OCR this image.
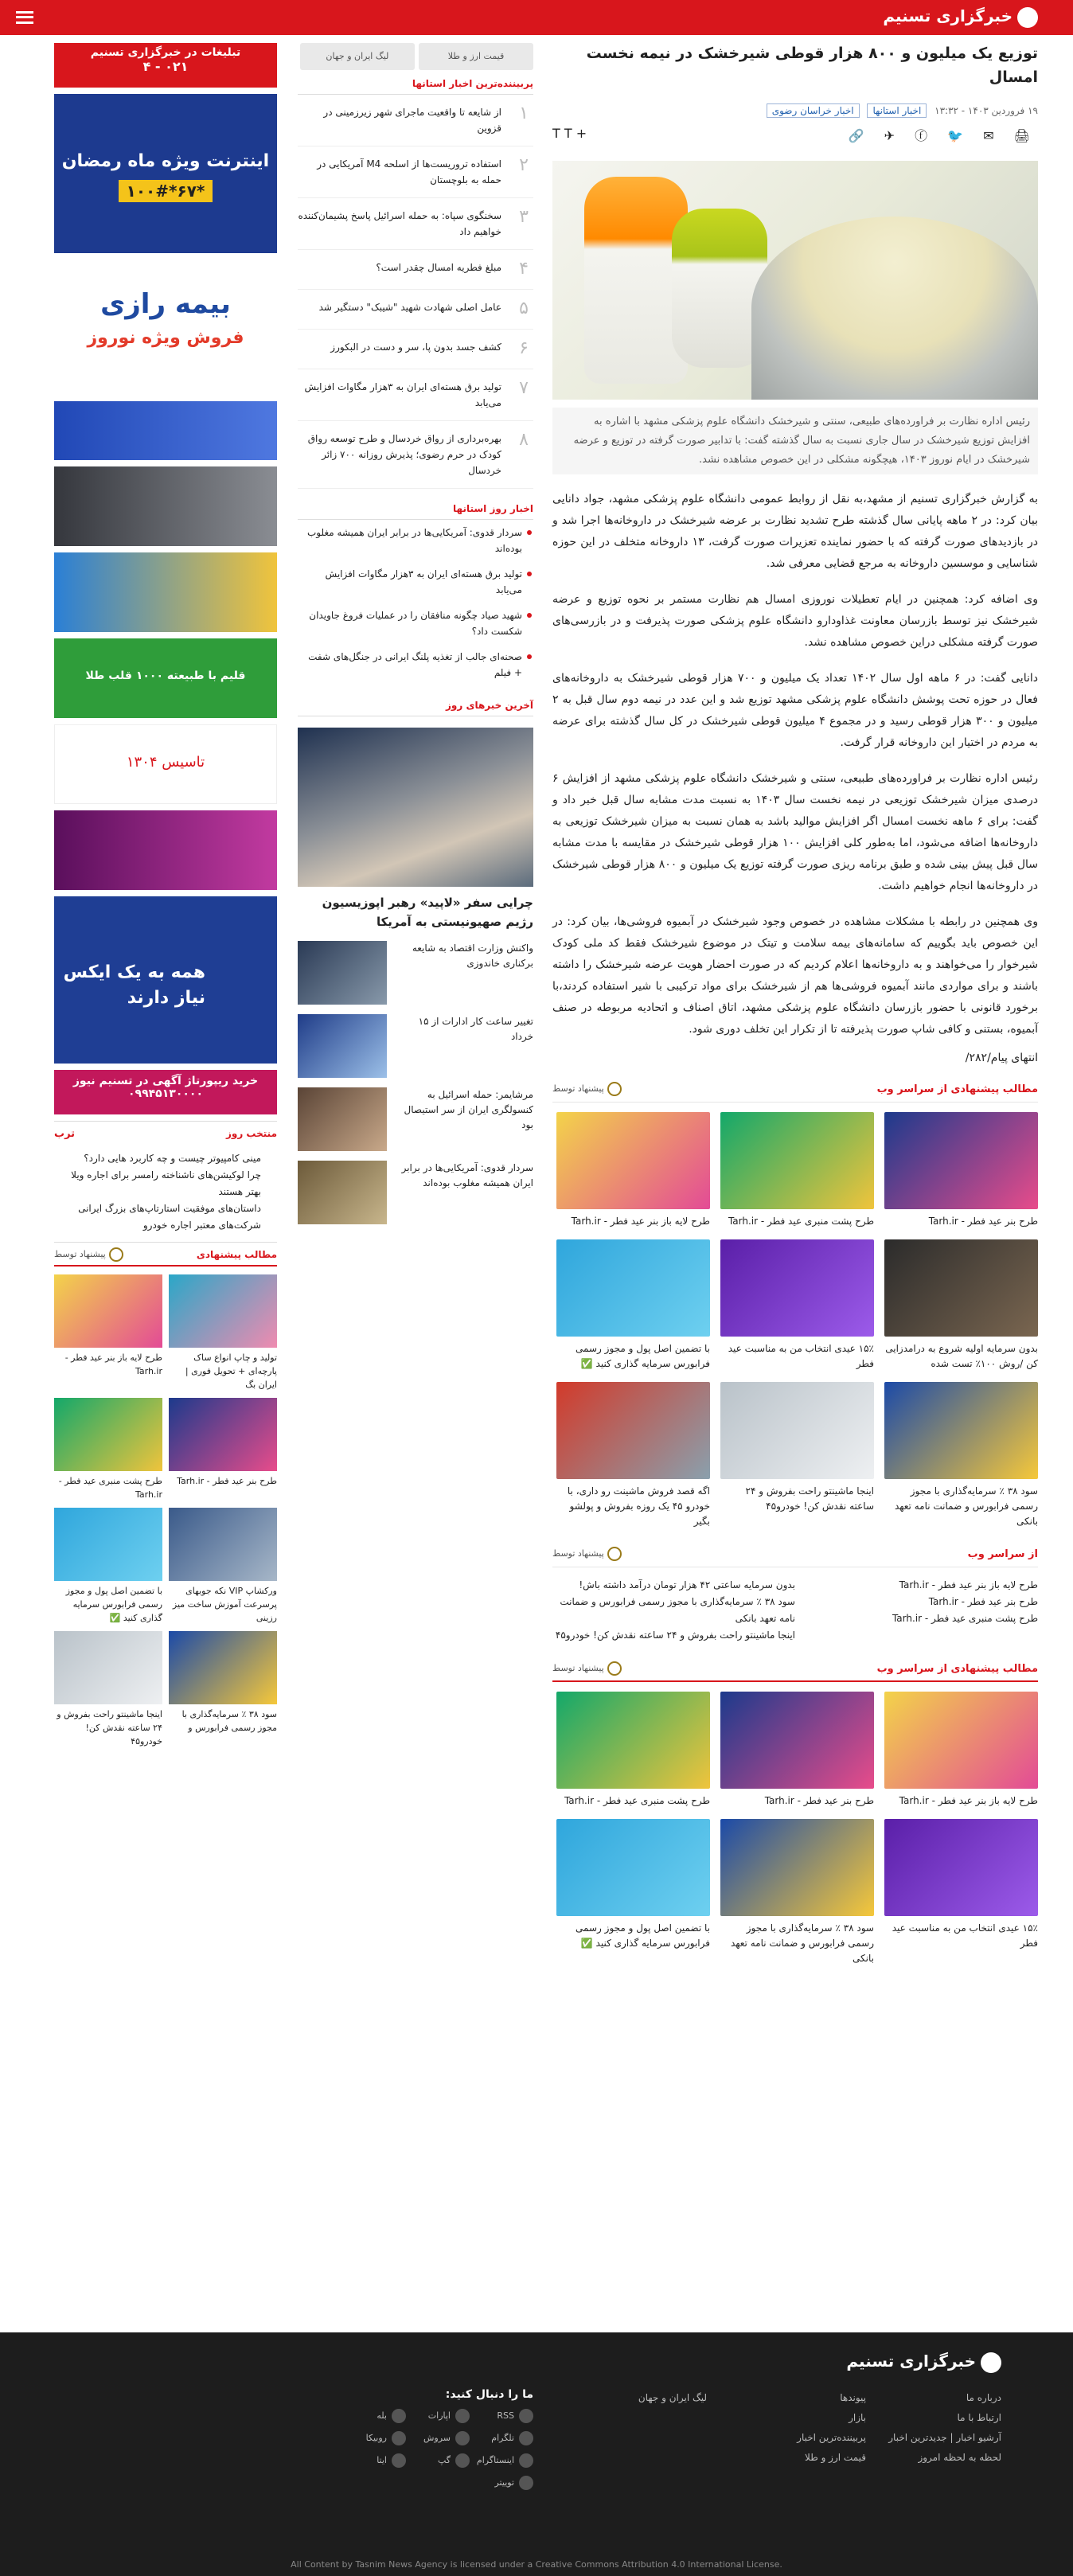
خبرگزاری تسنیم
توزیع یک میلیون و ۸۰۰ هزار قوطی شیرخشک در نیمه نخست امسال
۱۹ فروردین ۱۴۰۳ - ۱۳:۳۲ اخبار استانها اخبار خراسان رضوی
🖨 ✉ 🐦 ⓕ ✈ 🔗
+ T T

رئیس اداره نظارت بر فراورده‌های طبیعی، سنتی و شیرخشک دانشگاه علوم پزشکی مشهد با اشاره به افزایش توزیع شیرخشک در سال جاری نسبت به سال گذشته گفت: با تدابیر صورت گرفته در توزیع و عرضه شیرخشک در ایام نوروز ۱۴۰۳، هیچگونه مشکلی در این خصوص مشاهده نشد.

به گزارش خبرگزاری تسنیم از مشهد،به نقل از روابط عمومی دانشگاه علوم پزشکی مشهد، جواد دانایی بیان کرد: در ۲ ماهه پایانی سال گذشته طرح تشدید نظارت بر عرضه شیرخشک در داروخانه‌ها اجرا شد و در بازدیدهای صورت گرفته که با حضور نماینده تعزیرات صورت گرفت، ۱۳ داروخانه متخلف در این حوزه شناسایی و موسسین داروخانه به مرجع قضایی معرفی شد.

وی اضافه کرد: همچنین در ایام تعطیلات نوروزی امسال هم نظارت مستمر بر نحوه توزیع و عرضه شیرخشک نیز توسط بازرسان معاونت غذاودارو دانشگاه علوم پزشکی صورت پذیرفت و در بازرسی‌های صورت گرفته مشکلی دراین خصوص مشاهده نشد.

دانایی گفت: در ۶ ماهه اول سال ۱۴۰۲ تعداد یک میلیون و ۷۰۰ هزار قوطی شیرخشک به داروخانه‌های فعال در حوزه تحت پوشش دانشگاه علوم پزشکی مشهد توزیع شد و این عدد در نیمه دوم سال قبل به ۲ میلیون و ۳۰۰ هزار قوطی رسید و در مجموع ۴ میلیون قوطی شیرخشک در کل سال گذشته برای عرضه به مردم در اختیار این داروخانه قرار گرفت.

رئیس اداره نظارت بر فراورده‌های طبیعی، سنتی و شیرخشک دانشگاه علوم پزشکی مشهد از افزایش ۶ درصدی میزان شیرخشک توزیعی در نیمه نخست سال ۱۴۰۳ به نسبت مدت مشابه سال قبل خبر داد و گفت: برای ۶ ماهه نخست امسال اگر افزایش موالید باشد به همان نسبت به میزان شیرخشک توزیعی به داروخانه‌ها اضافه می‌شود، اما به‌طور کلی افزایش ۱۰۰ هزار قوطی شیرخشک در مقایسه با مدت مشابه سال قبل پیش بینی شده و طبق برنامه ریزی صورت گرفته توزیع یک میلیون و ۸۰۰ هزار قوطی شیرخشک در داروخانه‌ها انجام خواهیم داشت.

وی همچنین در رابطه با مشکلات مشاهده در خصوص وجود شیرخشک در آبمیوه فروشی‌ها، بیان کرد: در این خصوص باید بگوییم که سامانه‌های بیمه سلامت و تیتک در موضوع شیرخشک فقط کد ملی کودک شیرخوار را می‌خواهند و به داروخانه‌ها اعلام کردیم که در صورت احضار هویت عرضه شیرخشک را داشته باشند و برای مواردی مانند آبمیوه فروشی‌ها هم از شیرخشک برای مواد ترکیبی با شیر استفاده کردند،با برخورد قانونی با حضور بازرسان دانشگاه علوم پزشکی مشهد، اتاق اصناف و اتحادیه مربوطه در صنف آبمیوه، بستنی و کافی شاپ صورت پذیرفته تا از تکرار این تخلف دوری شود.

انتهای پیام/۲۸۲/

مطالب پیشنهادی از سراسر وب
پیشنهاد توسط
طرح بنر عید فطر - Tarh.ir
طرح پشت منبری عید فطر - Tarh.ir
طرح لایه باز بنر عید فطر - Tarh.ir
بدون سرمایه اولیه شروع به درامدزایی کن /روش ۱۰۰٪ تست شده
۱۵٪ عیدی انتخاب من به مناسبت عید فطر
با تضمین اصل پول و مجوز رسمی فرابورس سرمایه گذاری کنید ✅
سود ۳۸ ٪ سرمایه‌گذاری با مجوز رسمی فرابورس و ضمانت نامه تعهد بانکی
اینجا ماشینتو راحت بفروش و ۲۴ ساعته نقدش کن! خودرو۴۵
اگه قصد فروش ماشینت رو داری، با خودرو ۴۵ یک روزه بفروش و پولشو بگیر
از سراسر وب
پیشنهاد توسط
طرح لایه باز بنر عید فطر - Tarh.ir
طرح بنر عید فطر - Tarh.ir
طرح پشت منبری عید فطر - Tarh.ir
بدون سرمایه ساعتی ۴۲ هزار تومان درآمد داشته باش!
سود ۳۸ ٪ سرمایه‌گذاری با مجوز رسمی فرابورس و ضمانت نامه تعهد بانکی
اینجا ماشینتو راحت بفروش و ۲۴ ساعته نقدش کن! خودرو۴۵
مطالب پیشنهادی از سراسر وب
پیشنهاد توسط
طرح لایه باز بنر عید فطر - Tarh.ir
طرح بنر عید فطر - Tarh.ir
طرح پشت منبری عید فطر - Tarh.ir
۱۵٪ عیدی انتخاب من به مناسبت عید فطر
سود ۳۸ ٪ سرمایه‌گذاری با مجوز رسمی فرابورس و ضمانت نامه تعهد بانکی
با تضمین اصل پول و مجوز رسمی فرابورس سرمایه گذاری کنید ✅
قیمت ارز و طلا لیگ ایران و جهان
پربیننده‌ترین اخبار استانها
۱
از شایعه تا واقعیت ماجرای شهر زیرزمینی در قزوین
۲
استفاده تروریست‌ها از اسلحه M4 آمریکایی در حمله به بلوچستان
۳
سخنگوی سپاه: به حمله اسرائیل پاسخ پشیمان‌کننده خواهیم داد
۴
مبلغ فطریه امسال چقدر است؟
۵
عامل اصلی شهادت شهید "شیبک" دستگیر شد
۶
کشف جسد بدون پا، سر و دست در البکورز
۷
تولید برق هسته‌ای ایران به ۳هزار مگاوات افزایش می‌یابد
۸
بهره‌برداری از رواق خردسال و طرح توسعه رواق کودک در حرم رضوی؛ پذیرش روزانه ۷۰۰ زائر خردسال
اخبار روز استانها
سردار قدوی: آمریکایی‌ها در برابر ایران همیشه مغلوب بوده‌اند
تولید برق هسته‌ای ایران به ۳هزار مگاوات افزایش می‌یابد
شهید صیاد چگونه منافقان را در عملیات فروغ جاویدان شکست داد؟
صحنه‌ای جالب از تغذیه پلنگ ایرانی در جنگل‌های شفت + فیلم
آخرین خبرهای روز
چرایی سفر «لاپید» رهبر اپوزیسیون رژیم صهیونیستی به آمریکا
واکنش وزارت اقتصاد به شایعه برکناری خاندوزی
تغییر ساعت کار ادارات از ۱۵ خرداد
مرشایمر: حمله اسرائیل به کنسولگری ایران از سر استیصال بود
سردار قدوی: آمریکایی‌ها در برابر ایران همیشه مغلوب بوده‌اند
تبلیغات در خبرگزاری تسنیم
۰۲۱ - ۴
اینترنت ویژه ماه رمضان
*۶۷*۱۰۰#
بیمه رازی
فروش ویژه نوروز
قلیم با طبیعته ۱۰۰۰ قلب طلا
تاسیس ۱۳۰۴
همه به یک ایکس نیاز دارند
خرید ریپورتاژ آگهی در تسنیم نیوز
۰۹۹۴۵۱۳۰۰۰۰
منتخب روز
ترب
مینی کامپیوتر چیست و چه کاربرد هایی دارد؟
چرا لوکیشن‌های ناشناخته رامسر برای اجاره ویلا بهتر هستند
داستان‌های موفقیت استارتاپ‌های بزرگ ایرانی
شرکت‌های معتبر اجاره خودرو
مطالب پیشنهادی
پیشنهاد توسط
تولید و چاپ انواع ساک پارچه‌ای + تحویل فوری | ایران بگ
طرح لایه باز بنر عید فطر - Tarh.ir
طرح بنر عید فطر - Tarh.ir
طرح پشت منبری عید فطر - Tarh.ir
ورکشاپ VIP نکه جوبهای پرسرعت آموزش ساخت میز رزینی
با تضمین اصل پول و مجوز رسمی فرابورس سرمایه گذاری کنید ✅
سود ۳۸ ٪ سرمایه‌گذاری با مجوز رسمی فرابورس و
اینجا ماشینتو راحت بفروش و ۲۴ ساعته نقدش کن! خودرو۴۵
خبرگزاری تسنیم
درباره ما
ارتباط با ما
آرشیو اخبار | جدیدترین اخبار
لحظه به لحظه امروز
پیوندها
بازار
پربیننده‌ترین اخبار
قیمت ارز و طلا
لیگ ایران و جهان
ما را دنبال کنید:
RSS
اپارات
بله
تلگرام
سروش
روبیکا
اینستاگرام
گپ
ایتا
توییتر
All Content by Tasnim News Agency is licensed under a Creative Commons Attribution 4.0 International License.
